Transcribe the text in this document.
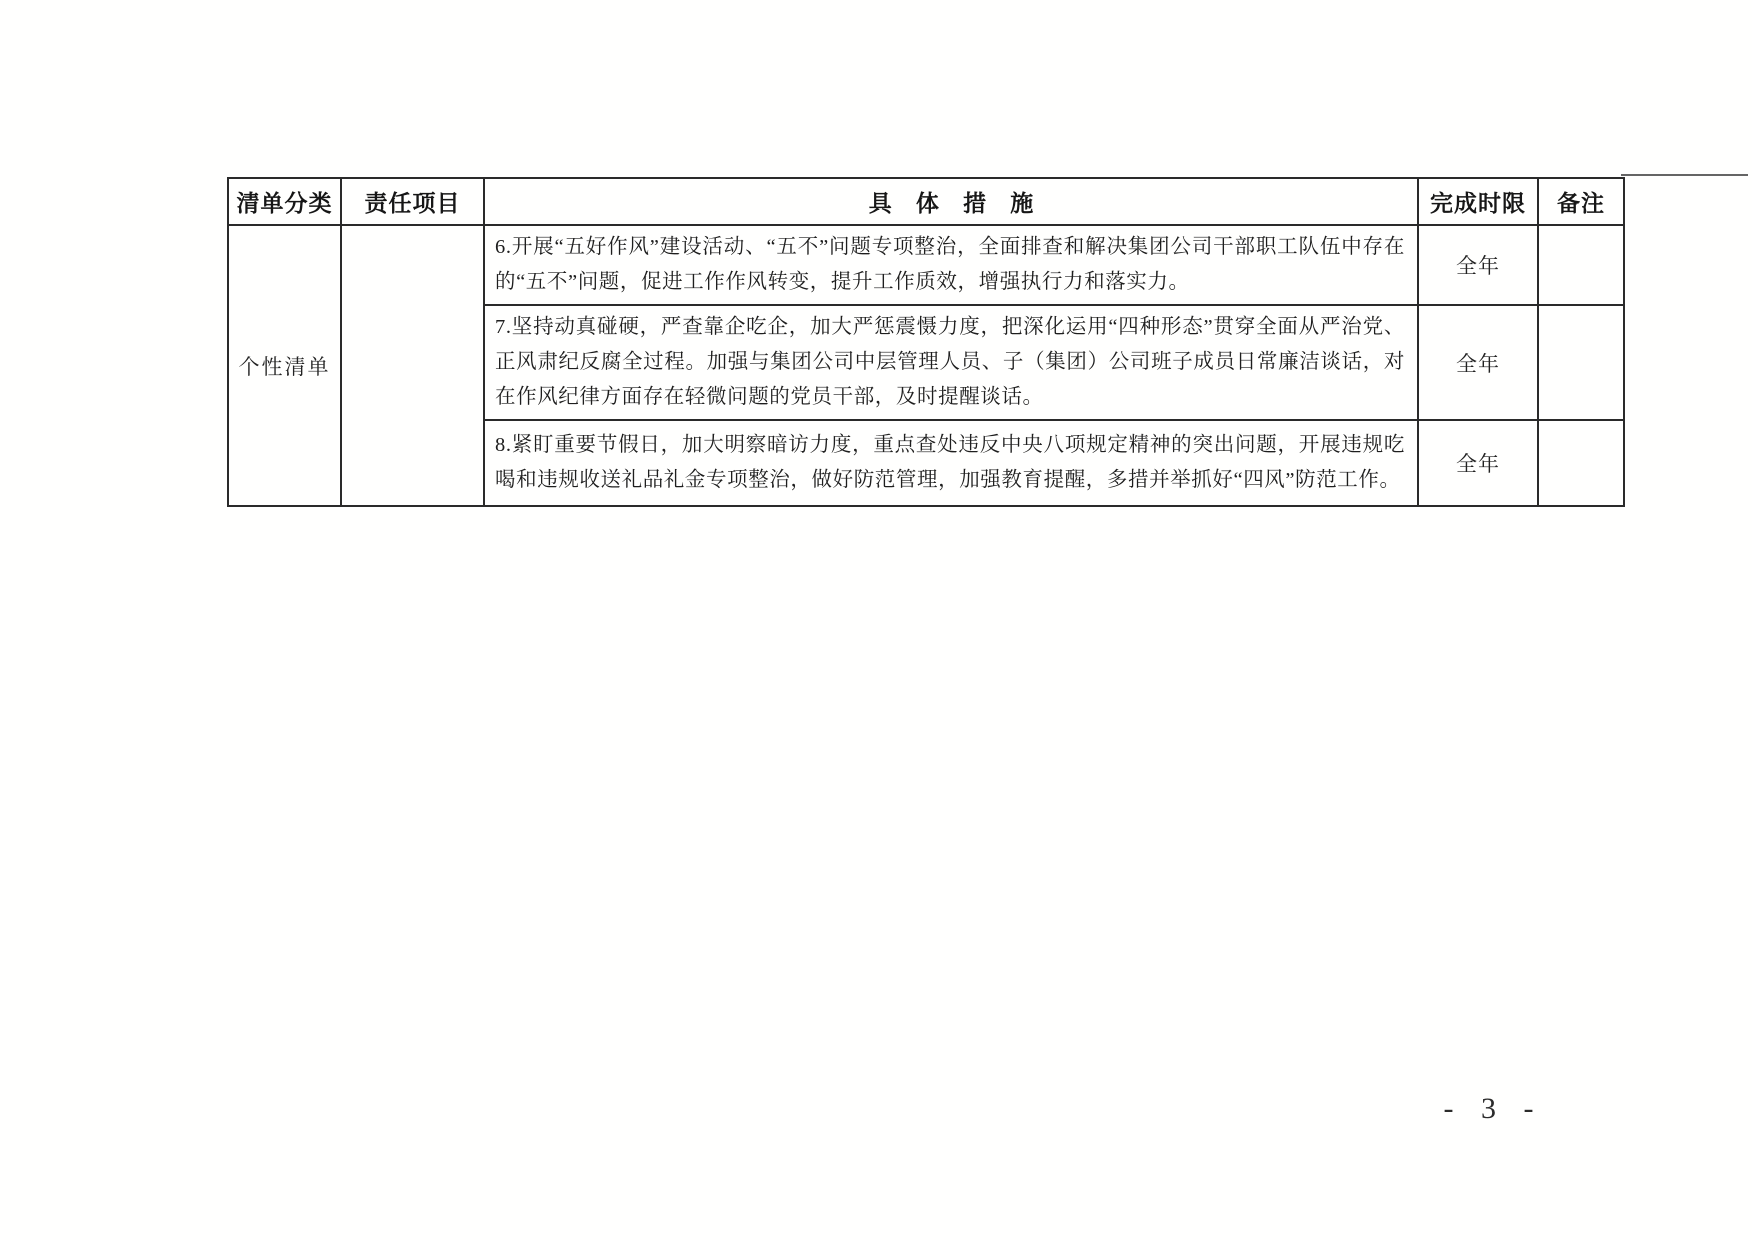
清单分类	责任项目	具体措施	完成时限	备注
个性清单		6.开展“五好作风”建设活动、“五不”问题专项整治，全面排查和解决集团公司干部职工队伍中存在的“五不”问题，促进工作作风转变，提升工作质效，增强执行力和落实力。	全年	
		7.坚持动真碰硬，严查靠企吃企，加大严惩震慑力度，把深化运用“四种形态”贯穿全面从严治党、正风肃纪反腐全过程。加强与集团公司中层管理人员、子（集团）公司班子成员日常廉洁谈话，对在作风纪律方面存在轻微问题的党员干部，及时提醒谈话。	全年	
		8.紧盯重要节假日，加大明察暗访力度，重点查处违反中央八项规定精神的突出问题，开展违规吃喝和违规收送礼品礼金专项整治，做好防范管理，加强教育提醒，多措并举抓好“四风”防范工作。	全年	
- 3 -
